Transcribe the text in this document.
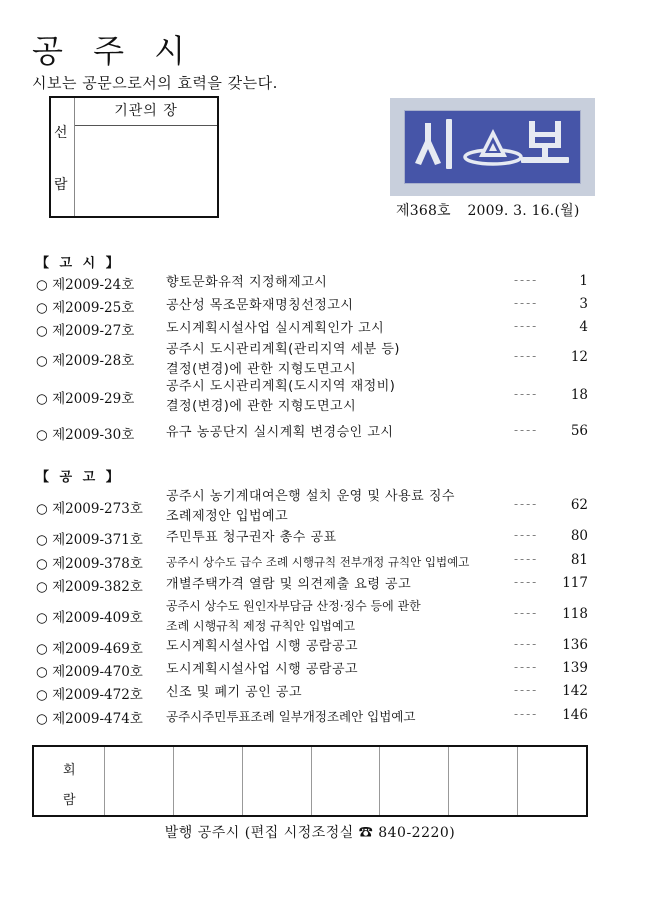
공 주 시
시보는 공문으로서의 효력을 갖는다.
선
람
기관의 장
제368호 2009. 3. 16.(월)
【 고 시 】
○ 제2009-24호 향토문화유적 지정해제고시	----	1
○ 제2009-25호 공산성 목조문화재명칭선정고시	----	3
○ 제2009-27호 도시계획시설사업 실시계획인가 고시	----	4
○ 제2009-28호
공주시 도시관리계획(관리지역 세분 등)
결정(변경)에 관한 지형도면고시
---- 12
○ 제2009-29호
공주시 도시관리계획(도시지역 재정비)
결정(변경)에 관한 지형도면고시
---- 18
○ 제2009-30호 유구 농공단지 실시계획 변경승인 고시	---- 56
【 공 고 】
○ 제2009-273호
공주시 농기계대여은행 설치 운영 및 사용료 징수
조례제정안 입법예고
---- 62
○ 제2009-371호 주민투표 청구권자 총수 공표	---- 80
○ 제2009-378호 공주시 상수도 급수 조례 시행규칙 전부개정 규칙안 입법예고	---- 81
○ 제2009-382호 개별주택가격 열람 및 의견제출 요령 공고	---- 117
○ 제2009-409호
공주시 상수도 원인자부담금 산정·징수 등에 관한
조례 시행규칙 제정 규칙안 입법예고
---- 118
○ 제2009-469호 도시계획시설사업 시행 공람공고	---- 136
○ 제2009-470호 도시계획시설사업 시행 공람공고	---- 139
○ 제2009-472호 신조 및 폐기 공인 공고	---- 142
○ 제2009-474호 공주시주민투표조례 일부개정조례안 입법예고	---- 146
회
람
발행 공주시 (편집 시정조정실 ☎ 840-2220)
